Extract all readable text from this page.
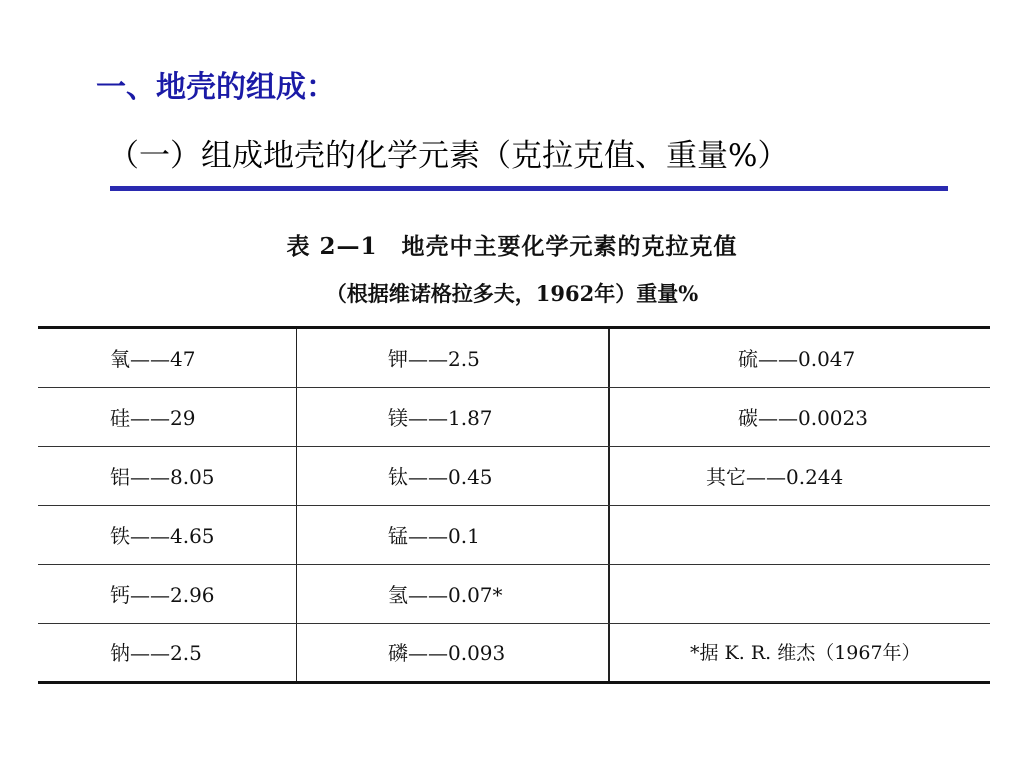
一、地壳的组成：
（一）组成地壳的化学元素（克拉克值、重量%）
表 2—1　地壳中主要化学元素的克拉克值
（根据维诺格拉多夫，1962年）重量%
氧——47	钾——2.5	硫——0.047
硅——29	镁——1.87	碳——0.0023
铝——8.05	钛——0.45	其它——0.244
铁——4.65	锰——0.1
钙——2.96	氢——0.07*
钠——2.5	磷——0.093	*据 K. R. 维杰（1967年）
